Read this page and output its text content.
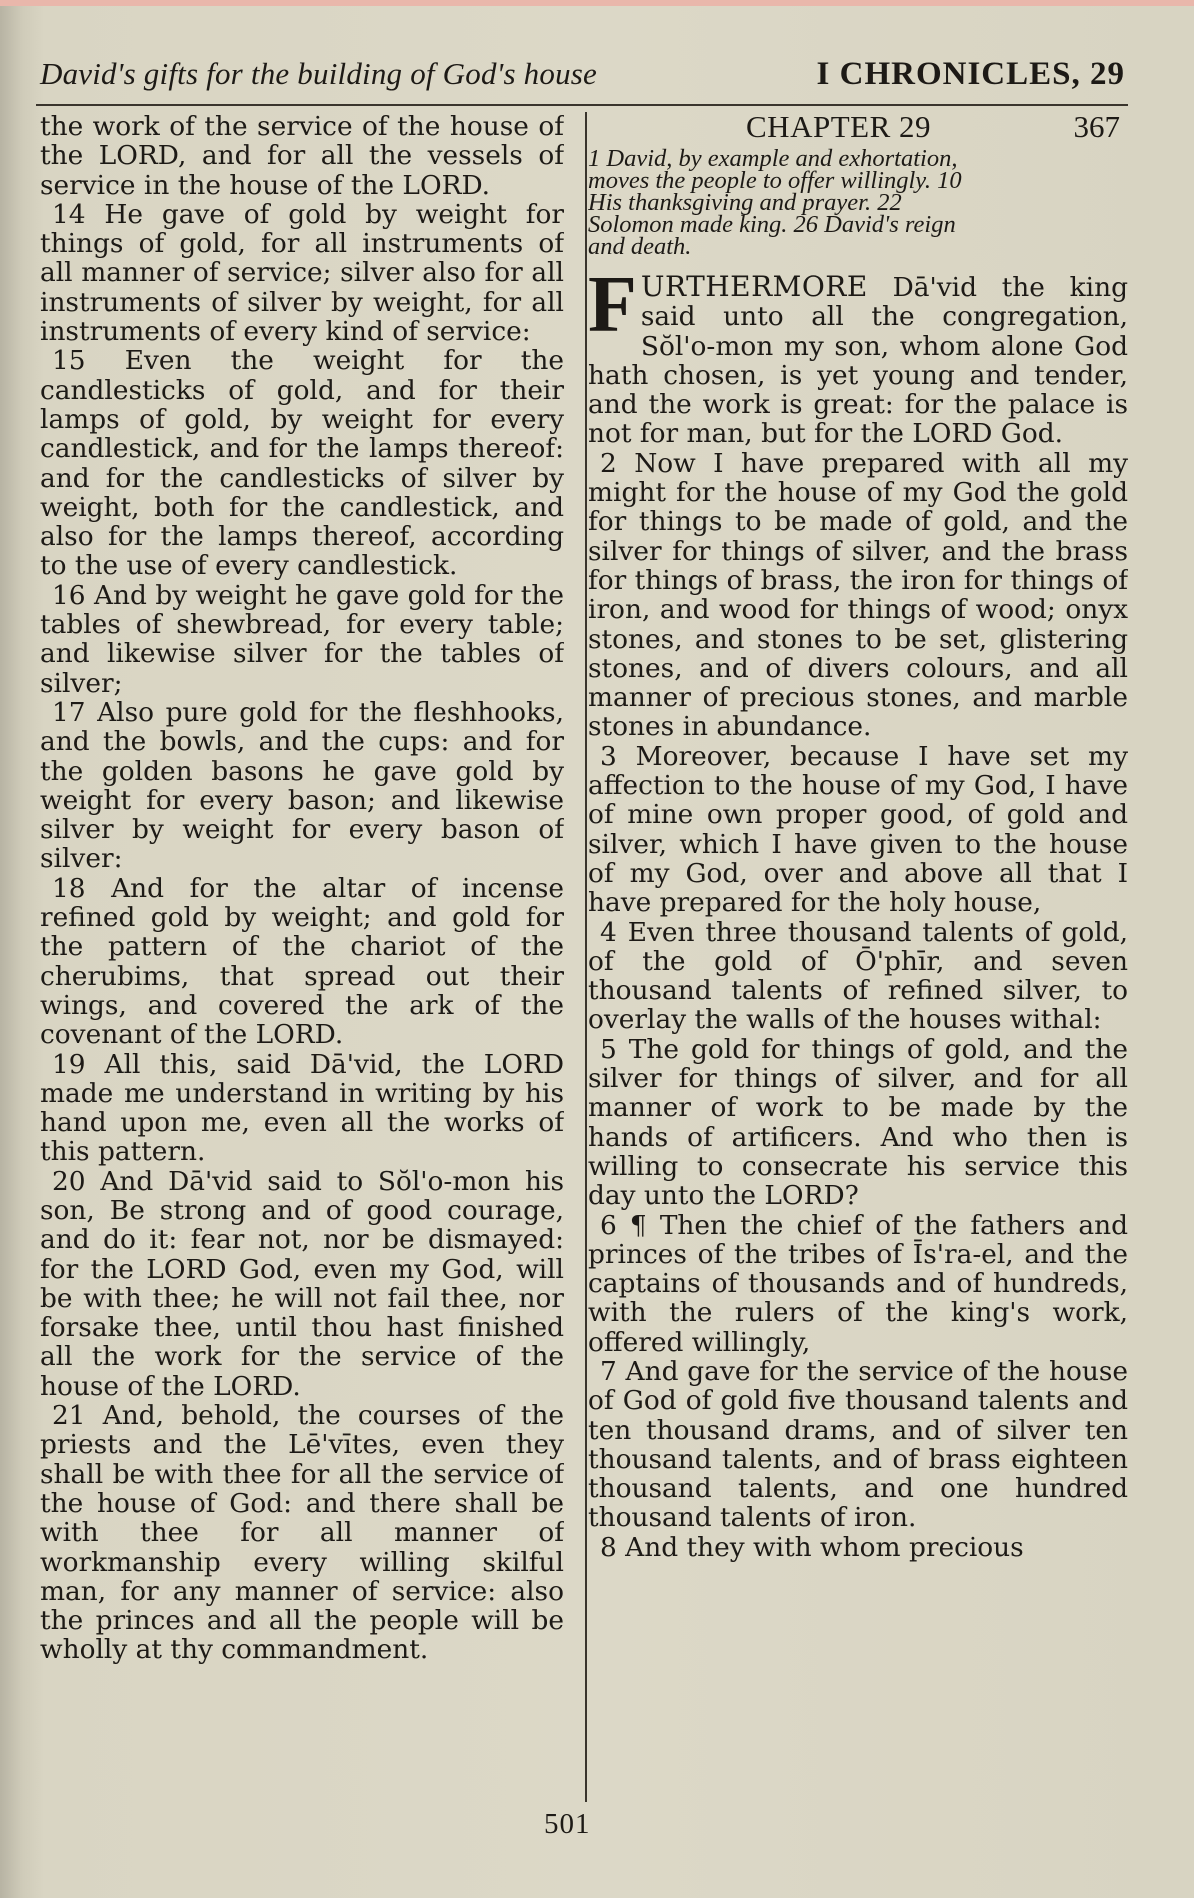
David's gifts for the building of God's house	I CHRONICLES, 29

the work of the service of the house of the LORD, and for all the vessels of service in the house of the LORD.

14 He gave of gold by weight for things of gold, for all instruments of all manner of service; silver also for all instruments of silver by weight, for all instruments of every kind of service:

15 Even the weight for the candlesticks of gold, and for their lamps of gold, by weight for every candlestick, and for the lamps thereof: and for the candlesticks of silver by weight, both for the candlestick, and also for the lamps thereof, according to the use of every candlestick.

16 And by weight he gave gold for the tables of shewbread, for every table; and likewise silver for the tables of silver;

17 Also pure gold for the fleshhooks, and the bowls, and the cups: and for the golden basons he gave gold by weight for every bason; and likewise silver by weight for every bason of silver:

18 And for the altar of incense refined gold by weight; and gold for the pattern of the chariot of the cherubims, that spread out their wings, and covered the ark of the covenant of the LORD.

19 All this, said Dā'vid, the LORD made me understand in writing by his hand upon me, even all the works of this pattern.

20 And Dā'vid said to Sŏl'o-mon his son, Be strong and of good courage, and do it: fear not, nor be dismayed: for the LORD God, even my God, will be with thee; he will not fail thee, nor forsake thee, until thou hast finished all the work for the service of the house of the LORD.

21 And, behold, the courses of the priests and the Lē'vītes, even they shall be with thee for all the service of the house of God: and there shall be with thee for all manner of workmanship every willing skilful man, for any manner of service: also the princes and all the people will be wholly at thy commandment.

CHAPTER 29	367
1 David, by example and exhortation,
moves the people to offer willingly. 10
His thanksgiving and prayer. 22
Solomon made king. 26 David's reign
and death.

FURTHERMORE Dā'vid the king said unto all the congregation, Sŏl'o-mon my son, whom alone God hath chosen, is yet young and tender, and the work is great: for the palace is not for man, but for the LORD God.

2 Now I have prepared with all my might for the house of my God the gold for things to be made of gold, and the silver for things of silver, and the brass for things of brass, the iron for things of iron, and wood for things of wood; onyx stones, and stones to be set, glistering stones, and of divers colours, and all manner of precious stones, and marble stones in abundance.

3 Moreover, because I have set my affection to the house of my God, I have of mine own proper good, of gold and silver, which I have given to the house of my God, over and above all that I have prepared for the holy house,

4 Even three thousand talents of gold, of the gold of Ō'phīr, and seven thousand talents of refined silver, to overlay the walls of the houses withal:

5 The gold for things of gold, and the silver for things of silver, and for all manner of work to be made by the hands of artificers. And who then is willing to consecrate his service this day unto the LORD?

6 ¶ Then the chief of the fathers and princes of the tribes of Īs'ra-el, and the captains of thousands and of hundreds, with the rulers of the king's work, offered willingly,

7 And gave for the service of the house of God of gold five thousand talents and ten thousand drams, and of silver ten thousand talents, and of brass eighteen thousand talents, and one hundred thousand talents of iron.

8 And they with whom precious

501
